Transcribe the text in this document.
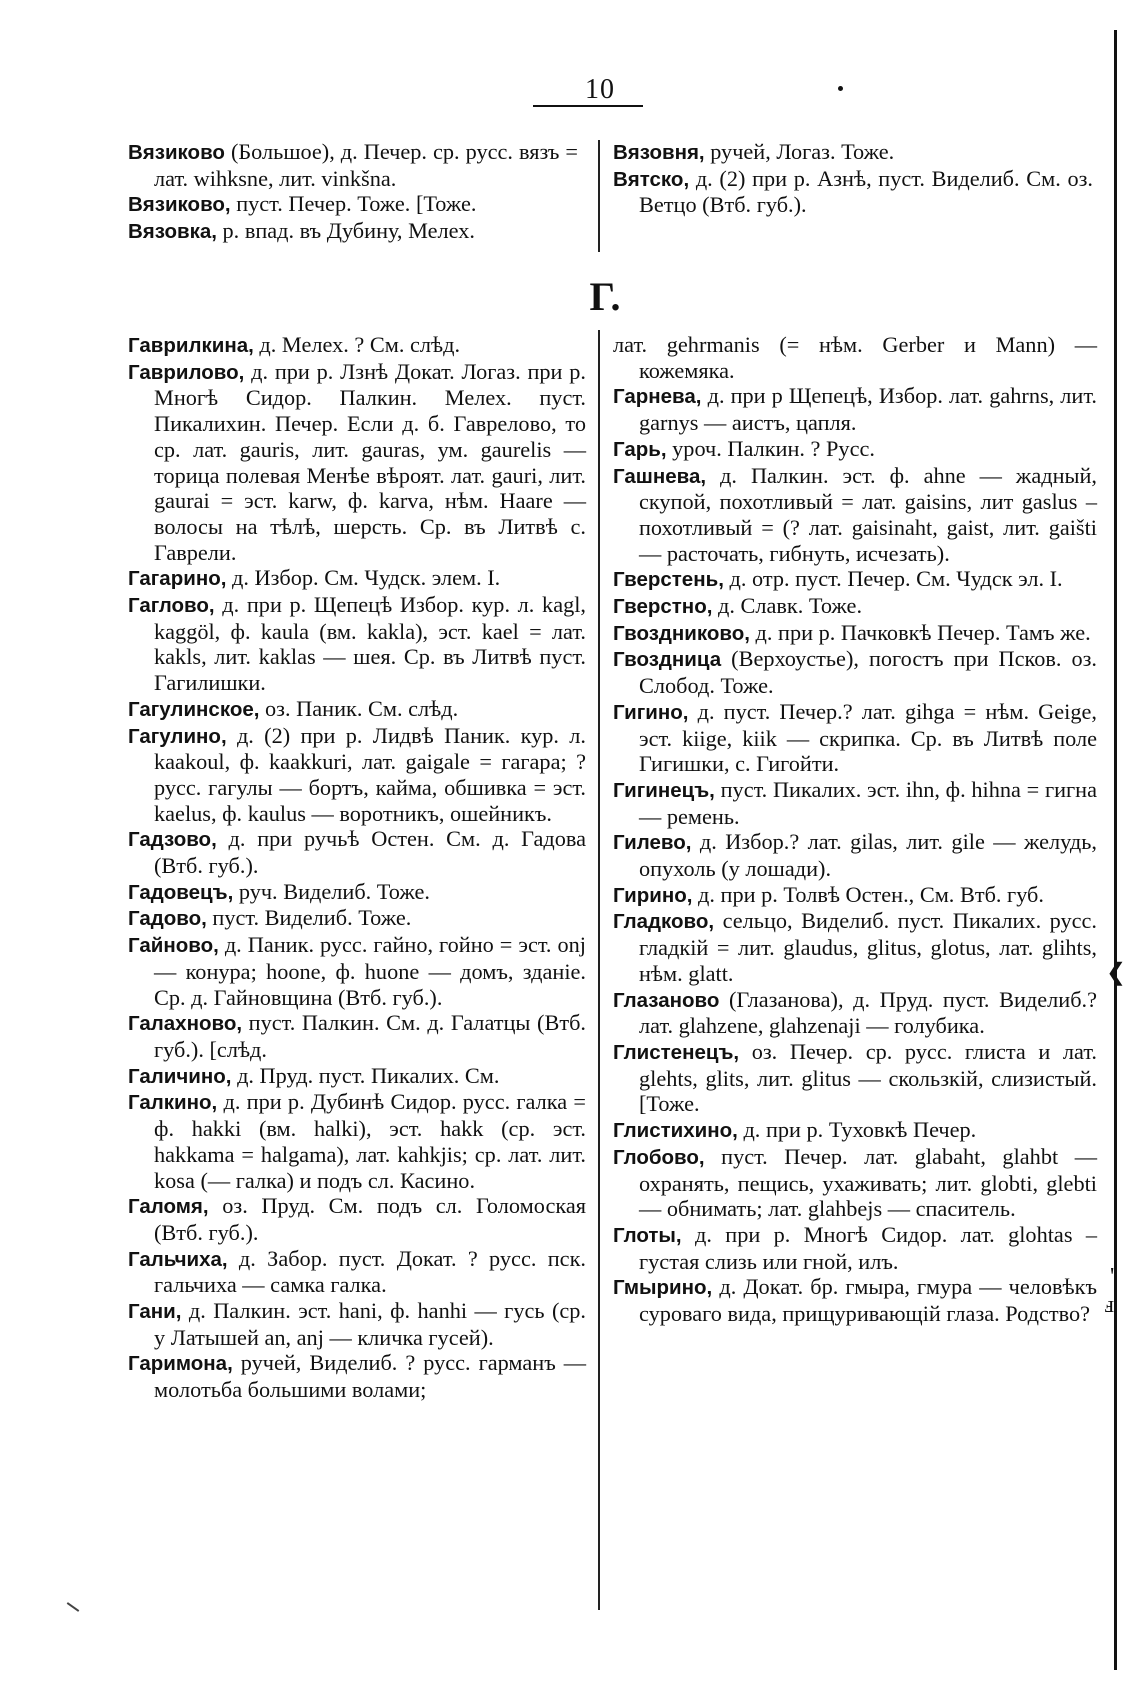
10

Вязиково (Большое), д. Печер. ср. русс. вязъ = лат. wihksne, лит. vinkšna.

Вязиково, пуст. Печер. Тоже. [Тоже.

Вязовка, р. впад. въ Дубину, Мелех.

Вязовня, ручей, Логаз. Тоже.

Вятско, д. (2) при р. Азнѣ, пуст. Виделиб. См. оз. Ветцо (Втб. губ.).

Г.

Гаврилкина, д. Мелех. ? См. слѣд.

Гаврилово, д. при р. Лзнѣ Докат. Логаз. при р. Многѣ Сидор. Палкин. Мелех. пуст. Пикалихин. Печер. Если д. б. Гаврелово, то ср. лат. gauris, лит. gauras, ум. gaurelis — торица полевая Менѣе вѣроят. лат. gauri, лит. gaurai = эст. karw, ф. karva, нѣм. Haare — волосы на тѣлѣ, шерсть. Ср. въ Литвѣ с. Гаврели.

Гагарино, д. Избор. См. Чудск. элем. I.

Гаглово, д. при р. Щепецѣ Избор. кур. л. kagl, kaggöl, ф. kaula (вм. kakla), эст. kael = лат. kakls, лит. kaklas — шея. Ср. въ Литвѣ пуст. Гагилишки.

Гагулинское, оз. Паник. См. слѣд.

Гагулино, д. (2) при р. Лидвѣ Паник. кур. л. kaakoul, ф. kaakkuri, лат. gaigale = гагара; ? русс. гагулы — бортъ, кайма, обшивка = эст. kaelus, ф. kaulus — воротникъ, ошейникъ.

Гадзово, д. при ручьѣ Остен. См. д. Гадова (Втб. губ.).

Гадовецъ, руч. Виделиб. Тоже.

Гадово, пуст. Виделиб. Тоже.

Гайново, д. Паник. русс. гайно, гойно = эст. onj — конура; hoone, ф. huone — домъ, зданіе. Ср. д. Гайновщина (Втб. губ.).

Галахново, пуст. Палкин. См. д. Галатцы (Втб. губ.). [слѣд.

Галичино, д. Пруд. пуст. Пикалих. См.

Галкино, д. при р. Дубинѣ Сидор. русс. галка = ф. hakki (вм. halki), эст. hakk (ср. эст. hakkama = halgama), лат. kahkjis; ср. лат. лит. kosa (— галка) и подъ сл. Касино.

Галомя, оз. Пруд. См. подъ сл. Голомоская (Втб. губ.).

Гальчиха, д. Забор. пуст. Докат. ? русс. пск. гальчиха — самка галка.

Гани, д. Палкин. эст. hani, ф. hanhi — гусь (ср. у Латышей an, anj — кличка гусей).

Гаримона, ручей, Виделиб. ? русс. гарманъ — молотьба большими волами;

лат. gehrmanis (= нѣм. Gerber и Mann) — кожемяка.

Гарнева, д. при р Щепецѣ, Избор. лат. gahrns, лит. garnys — аистъ, цапля.

Гарь, уроч. Палкин. ? Русс.

Гашнева, д. Палкин. эст. ф. ahne — жадный, скупой, похотливый = лат. gaisins, лит gaslus – похотливый = (? лат. gaisinaht, gaist, лит. gaišti — расточать, гибнуть, исчезать).

Гверстень, д. отр. пуст. Печер. См. Чудск эл. I.

Гверстно, д. Славк. Тоже.

Гвоздниково, д. при р. Пачковкѣ Печер. Тамъ же.

Гвоздница (Верхоустье), погостъ при Псков. оз. Слобод. Тоже.

Гигино, д. пуст. Печер.? лат. gihga = нѣм. Geige, эст. kiige, kiik — скрипка. Ср. въ Литвѣ поле Гигишки, с. Гигойти.

Гигинецъ, пуст. Пикалих. эст. ihn, ф. hihna = гигна — ремень.

Гилево, д. Избор.? лат. gilas, лит. gile — желудь, опухоль (у лошади).

Гирино, д. при р. Толвѣ Остен., См. Втб. губ.

Гладково, сельцо, Виделиб. пуст. Пикалих. русс. гладкій = лит. glaudus, glitus, glotus, лат. glihts, нѣм. glatt.

Глазаново (Глазанова), д. Пруд. пуст. Виделиб.? лат. glahzene, glahzenaji — голубика.

Глистенецъ, оз. Печер. ср. русс. глиста и лат. glehts, glits, лит. glitus — скользкій, слизистый. [Тоже.

Глистихино, д. при р. Туховкѣ Печер.

Глобово, пуст. Печер. лат. glabaht, glahbt — охранять, пещись, ухаживать; лит. globti, glebti — обнимать; лат. glahbejs — спаситель.

Глоты, д. при р. Многѣ Сидор. лат. glohtas – густая слизь или гной, илъ.

Гмырино, д. Докат. бр. гмыра, гмура — человѣкъ суроваго вида, прищуривающій глаза. Родство?

❮
'
ⅎ
